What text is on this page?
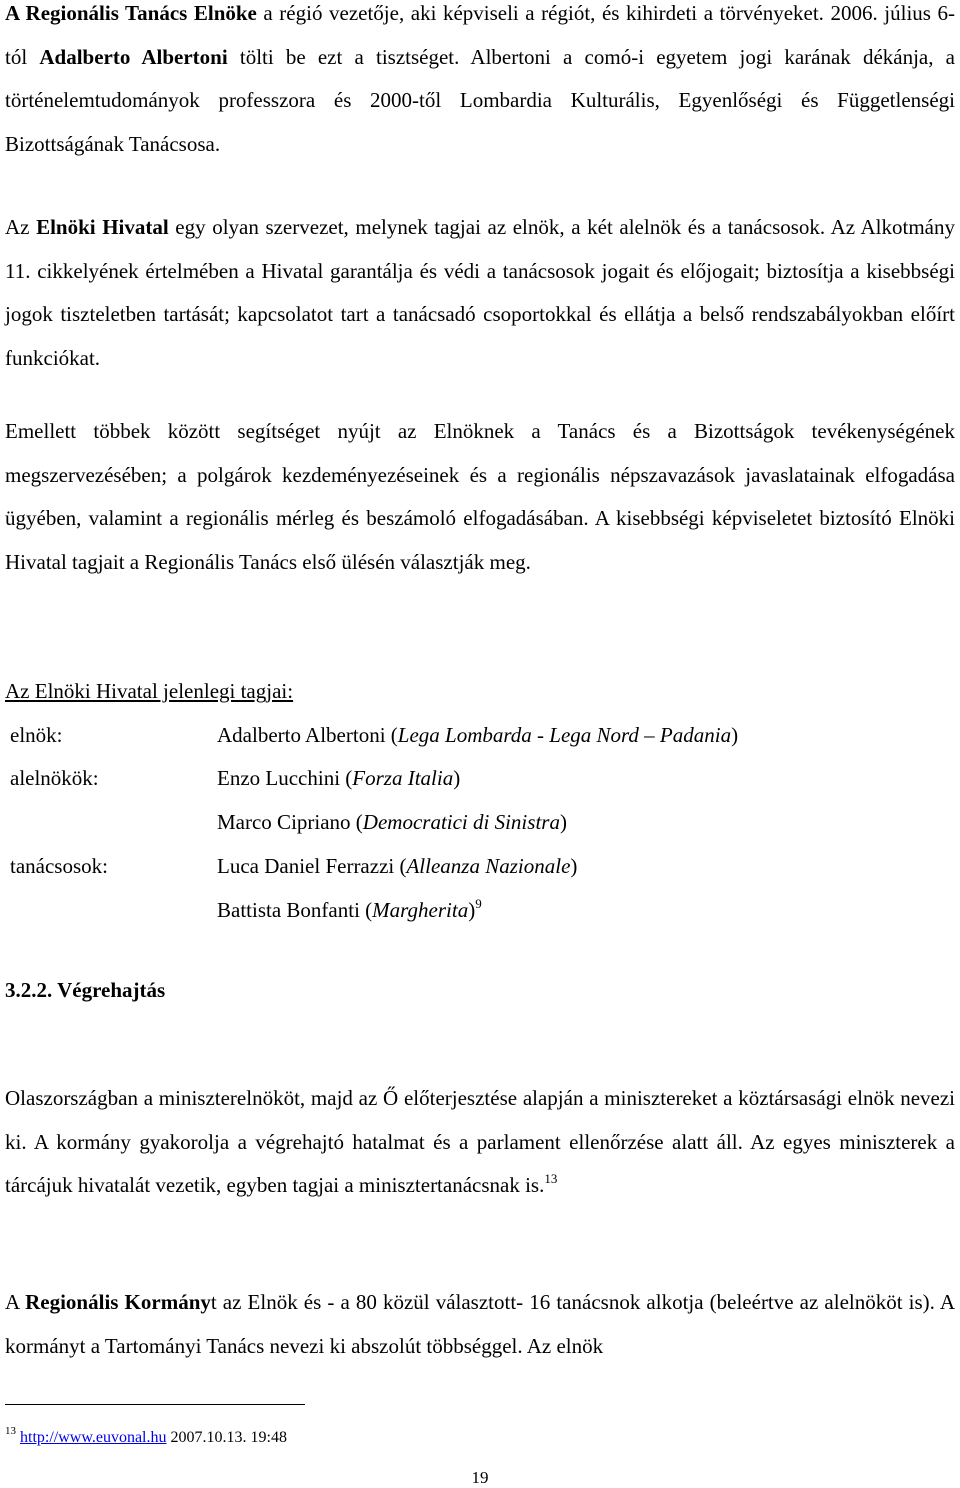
A Regionális Tanács Elnöke a régió vezetője, aki képviseli a régiót, és kihirdeti a törvényeket. 2006. július 6-tól Adalberto Albertoni tölti be ezt a tisztséget. Albertoni a comó-i egyetem jogi karának dékánja, a történelemtudományok professzora és 2000-től Lombardia Kulturális, Egyenlőségi és Függetlenségi Bizottságának Tanácsosa.

Az Elnöki Hivatal egy olyan szervezet, melynek tagjai az elnök, a két alelnök és a tanácsosok. Az Alkotmány 11. cikkelyének értelmében a Hivatal garantálja és védi a tanácsosok jogait és előjogait; biztosítja a kisebbségi jogok tiszteletben tartását; kapcsolatot tart a tanácsadó csoportokkal és ellátja a belső rendszabályokban előírt funkciókat.

Emellett többek között segítséget nyújt az Elnöknek a Tanács és a Bizottságok tevékenységének megszervezésében; a polgárok kezdeményezéseinek és a regionális népszavazások javaslatainak elfogadása ügyében, valamint a regionális mérleg és beszámoló elfogadásában. A kisebbségi képviseletet biztosító Elnöki Hivatal tagjait a Regionális Tanács első ülésén választják meg.

Az Elnöki Hivatal jelenlegi tagjai:
elnök:	Adalberto Albertoni (Lega Lombarda - Lega Nord – Padania)
alelnökök:	Enzo Lucchini (Forza Italia)
Marco Cipriano (Democratici di Sinistra)
tanácsosok:	Luca Daniel Ferrazzi (Alleanza Nazionale)
Battista Bonfanti (Margherita)$^9$
3.2.2. Végrehajtás

Olaszországban a miniszterelnököt, majd az Ő előterjesztése alapján a minisztereket a köztársasági elnök nevezi ki. A kormány gyakorolja a végrehajtó hatalmat és a parlament ellenőrzése alatt áll. Az egyes miniszterek a tárcájuk hivatalát vezetik, egyben tagjai a minisztertanácsnak is.$^{13}$

A Regionális Kormányt az Elnök és - a 80 közül választott- 16 tanácsnok alkotja (beleértve az alelnököt is). A kormányt a Tartományi Tanács nevezi ki abszolút többséggel. Az elnök

$^{13}$ http://www.euvonal.hu 2007.10.13. 19:48
19
